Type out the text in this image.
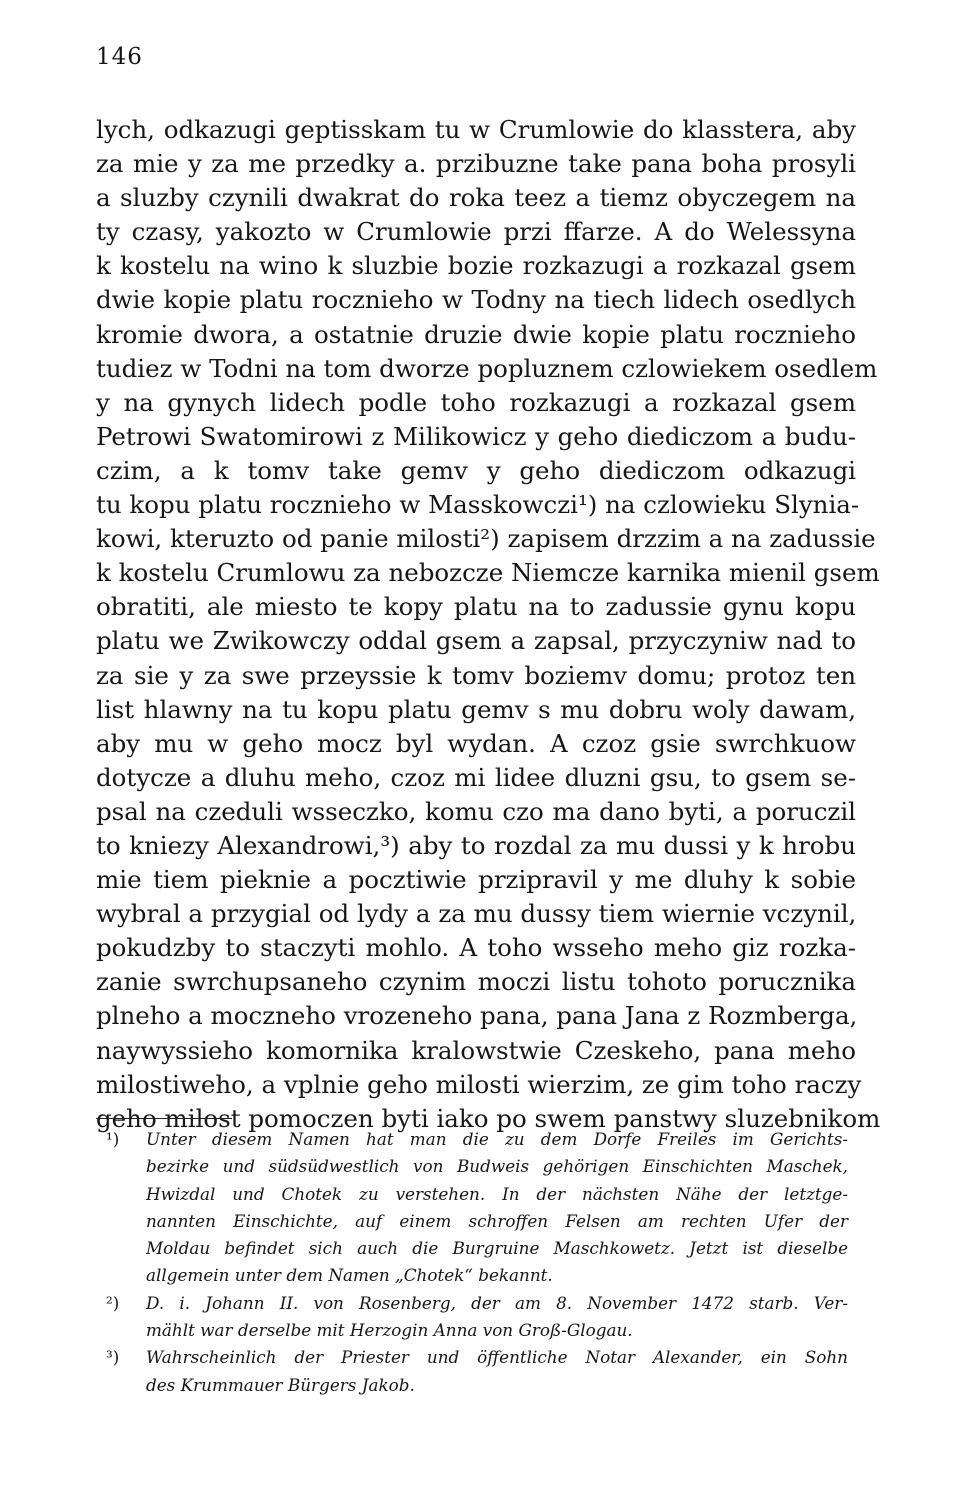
146
lych, odkazugi geptisskam tu w Crumlowie do klasstera, aby
za mie y za me przedky a. przibuzne take pana boha prosyli
a sluzby czynili dwakrat do roka teez a tiemz obyczegem na
ty czasy, yakozto w Crumlowie przi ffarze. A do Welessyna
k kostelu na wino k sluzbie bozie rozkazugi a rozkazal gsem
dwie kopie platu rocznieho w Todny na tiech lidech osedlych
kromie dwora, a ostatnie druzie dwie kopie platu rocznieho
tudiez w Todni na tom dworze popluznem czlowiekem osedlem
y na gynych lidech podle toho rozkazugi a rozkazal gsem
Petrowi Swatomirowi z Milikowicz y geho diediczom a budu-
czim, a k tomv take gemv y geho diediczom odkazugi
tu kopu platu rocznieho w Masskowczi¹) na czlowieku Slynia-
kowi, kteruzto od panie milosti²) zapisem drzzim a na zadussie
k kostelu Crumlowu za nebozcze Niemcze karnika mienil gsem
obratiti, ale miesto te kopy platu na to zadussie gynu kopu
platu we Zwikowczy oddal gsem a zapsal, przyczyniw nad to
za sie y za swe przeyssie k tomv boziemv domu; protoz ten
list hlawny na tu kopu platu gemv s mu dobru woly dawam,
aby mu w geho mocz byl wydan. A czoz gsie swrchkuow
dotycze a dluhu meho, czoz mi lidee dluzni gsu, to gsem se-
psal na czeduli wsseczko, komu czo ma dano byti, a poruczil
to kniezy Alexandrowi,³) aby to rozdal za mu dussi y k hrobu
mie tiem pieknie a pocztiwie przipravil y me dluhy k sobie
wybral a przygial od lydy a za mu dussy tiem wiernie vczynil,
pokudzby to staczyti mohlo. A toho wsseho meho giz rozka-
zanie swrchupsaneho czynim moczi listu tohoto porucznika
plneho a moczneho vrozeneho pana, pana Jana z Rozmberga,
naywyssieho komornika kralowstwie Czeskeho, pana meho
milostiweho, a vplnie geho milosti wierzim, ze gim toho raczy
geho milost pomoczen byti iako po swem panstwy sluzebnikom
¹) Unter diesem Namen hat man die zu dem Dorfe Freiles im Gerichts-
bezirke und südsüdwestlich von Budweis gehörigen Einschichten Maschek,
Hwizdal und Chotek zu verstehen. In der nächsten Nähe der letztge-
nannten Einschichte, auf einem schroffen Felsen am rechten Ufer der
Moldau befindet sich auch die Burgruine Maschkowetz. Jetzt ist dieselbe
allgemein unter dem Namen „Chotek“ bekannt.
²) D. i. Johann II. von Rosenberg, der am 8. November 1472 starb. Ver-
mählt war derselbe mit Herzogin Anna von Groß-Glogau.
³) Wahrscheinlich der Priester und öffentliche Notar Alexander, ein Sohn
des Krummauer Bürgers Jakob.
